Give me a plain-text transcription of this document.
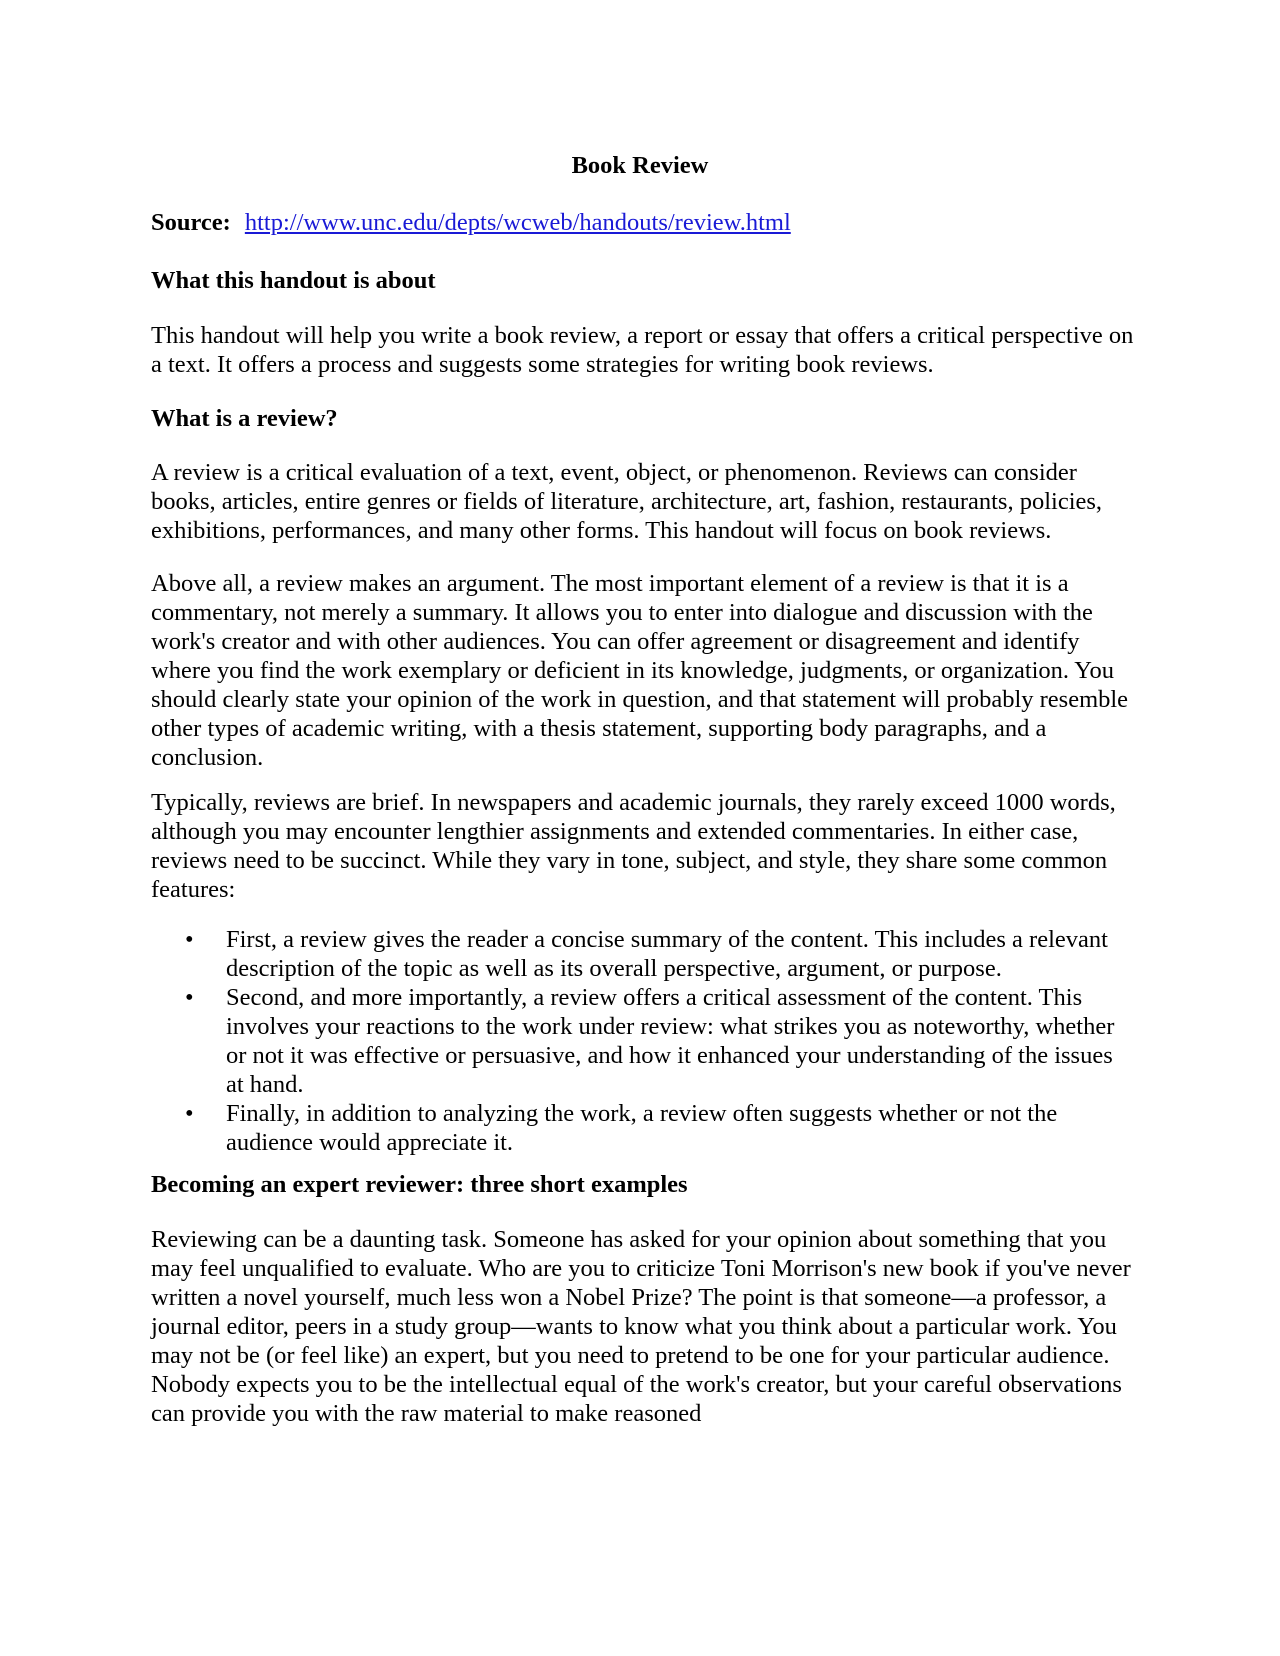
Book Review

Source: http://www.unc.edu/depts/wcweb/handouts/review.html

What this handout is about

This handout will help you write a book review, a report or essay that offers a critical perspective on a text. It offers a process and suggests some strategies for writing book reviews.

What is a review?

A review is a critical evaluation of a text, event, object, or phenomenon. Reviews can consider books, articles, entire genres or fields of literature, architecture, art, fashion, restaurants, policies, exhibitions, performances, and many other forms. This handout will focus on book reviews.

Above all, a review makes an argument. The most important element of a review is that it is a commentary, not merely a summary. It allows you to enter into dialogue and discussion with the work's creator and with other audiences. You can offer agreement or disagreement and identify where you find the work exemplary or deficient in its knowledge, judgments, or organization. You should clearly state your opinion of the work in question, and that statement will probably resemble other types of academic writing, with a thesis statement, supporting body paragraphs, and a conclusion.

Typically, reviews are brief. In newspapers and academic journals, they rarely exceed 1000 words, although you may encounter lengthier assignments and extended commentaries. In either case, reviews need to be succinct. While they vary in tone, subject, and style, they share some common features:

• First, a review gives the reader a concise summary of the content. This includes a relevant description of the topic as well as its overall perspective, argument, or purpose.
• Second, and more importantly, a review offers a critical assessment of the content. This involves your reactions to the work under review: what strikes you as noteworthy, whether or not it was effective or persuasive, and how it enhanced your understanding of the issues at hand.
• Finally, in addition to analyzing the work, a review often suggests whether or not the audience would appreciate it.
Becoming an expert reviewer: three short examples

Reviewing can be a daunting task. Someone has asked for your opinion about something that you may feel unqualified to evaluate. Who are you to criticize Toni Morrison's new book if you've never written a novel yourself, much less won a Nobel Prize? The point is that someone—a professor, a journal editor, peers in a study group—wants to know what you think about a particular work. You may not be (or feel like) an expert, but you need to pretend to be one for your particular audience. Nobody expects you to be the intellectual equal of the work's creator, but your careful observations can provide you with the raw material to make reasoned
